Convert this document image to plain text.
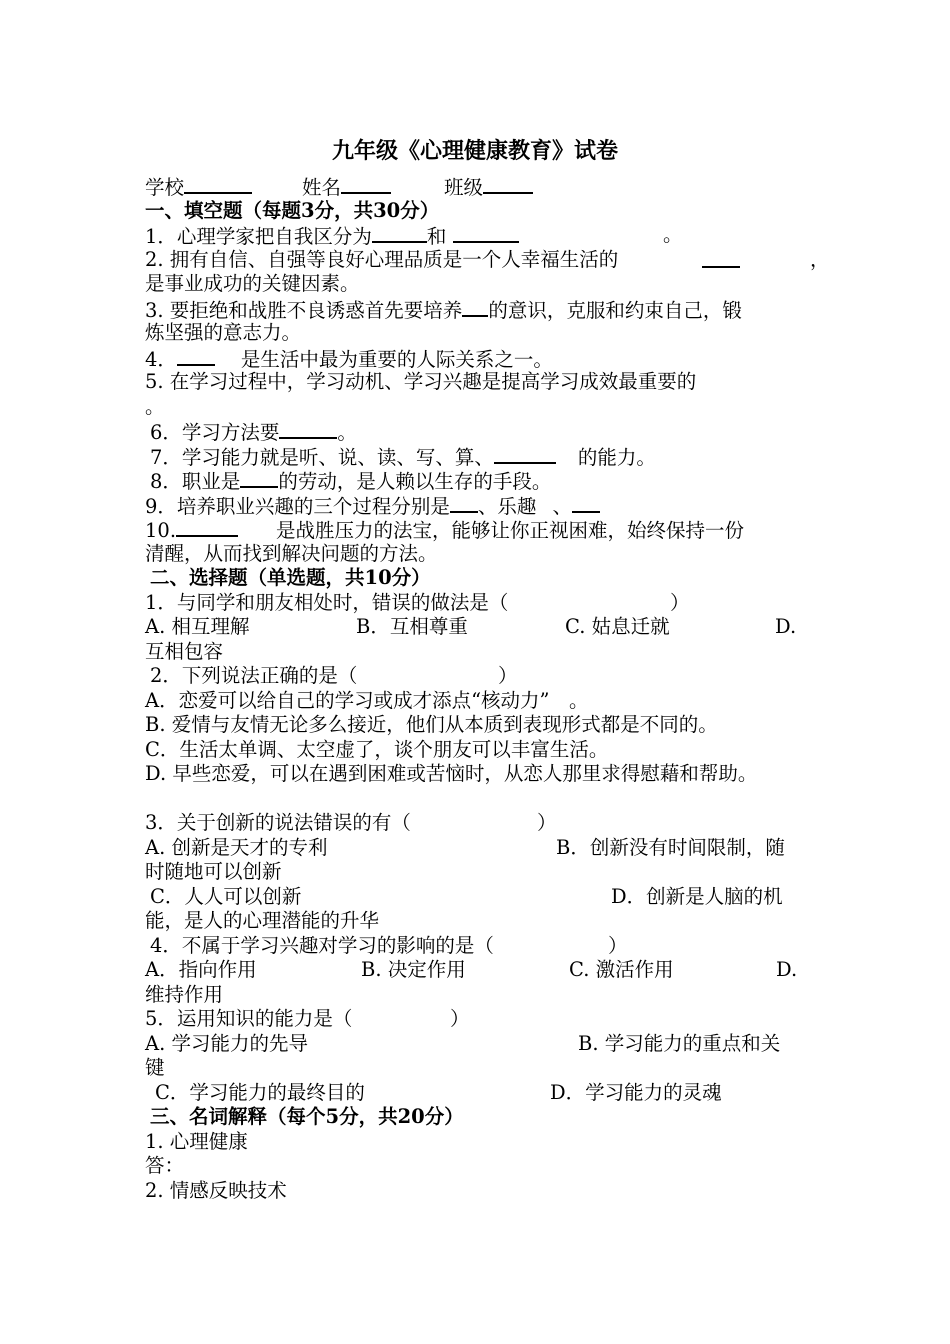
九年级《心理健康教育》试卷
学校	姓名	班级
一、填空题（每题3分，共30分）
1．心理学家把自我区分为	和	。
2. 拥有自信、自强等良好心理品质是一个人幸福生活的	，
是事业成功的关键因素。
3. 要拒绝和战胜不良诱惑首先要培养 的意识，克服和约束自己，锻
炼坚强的意志力。
4．	是生活中最为重要的人际关系之一。
5. 在学习过程中，学习动机、学习兴趣是提高学习成效最重要的
。
6．学习方法要	。
7．学习能力就是听、说、读、写、算、	的能力。
8．职业是 的劳动，是人赖以生存的手段。
9．培养职业兴趣的三个过程分别是 、乐趣 、
10.	是战胜压力的法宝，能够让你正视困难，始终保持一份
清醒，从而找到解决问题的方法。
二、选择题（单选题，共10分）
1．与同学和朋友相处时，错误的做法是（	）
A. 相互理解	B．互相尊重	C. 姑息迁就	D.
互相包容
2．下列说法正确的是（	）
A．恋爱可以给自己的学习或成才添点“核动力”　。
B. 爱情与友情无论多么接近，他们从本质到表现形式都是不同的。
C．生活太单调、太空虚了，谈个朋友可以丰富生活。
D. 早些恋爱，可以在遇到困难或苦恼时，从恋人那里求得慰藉和帮助。
3．关于创新的说法错误的有（	）
A. 创新是天才的专利	B．创新没有时间限制，随
时随地可以创新
C．人人可以创新	D．创新是人脑的机
能，是人的心理潜能的升华
4．不属于学习兴趣对学习的影响的是（	）
A．指向作用	B. 决定作用	C. 激活作用	D.
维持作用
5．运用知识的能力是（	）
A. 学习能力的先导	B. 学习能力的重点和关
键
C．学习能力的最终目的	D．学习能力的灵魂
三、名词解释（每个5分，共20分）
1. 心理健康
答：
2. 情感反映技术
